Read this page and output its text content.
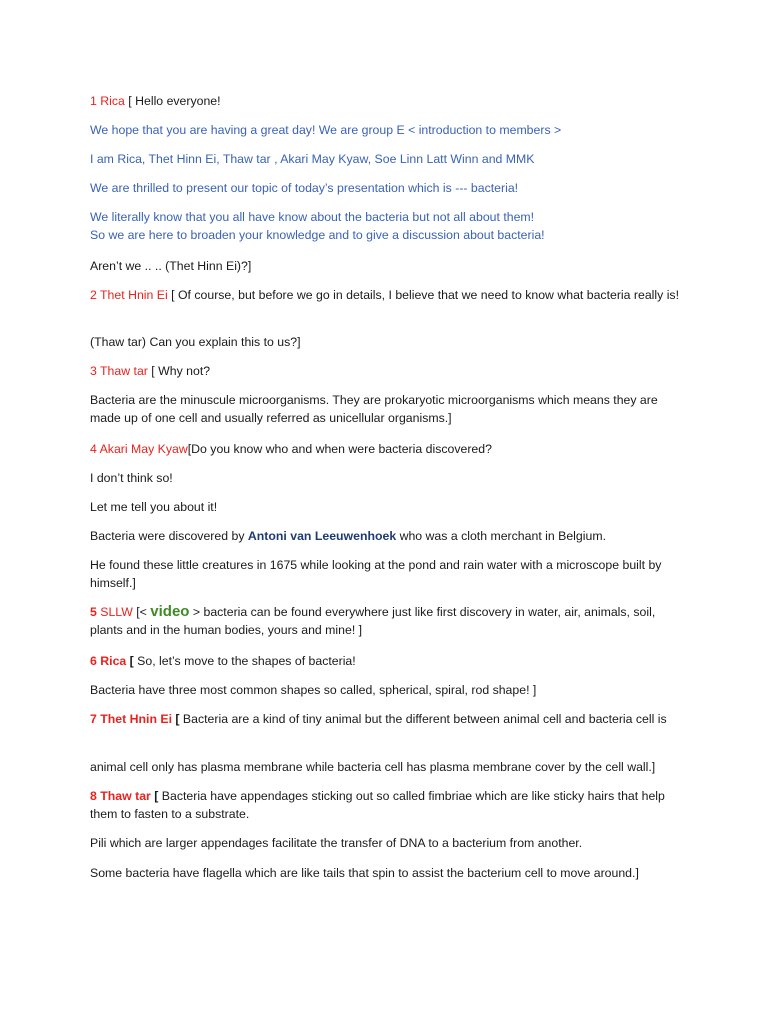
1 Rica [ Hello everyone!

We hope that you are having a great day! We are group E < introduction to members >

I am Rica, Thet Hinn Ei, Thaw tar , Akari May Kyaw, Soe Linn Latt Winn and MMK

We are thrilled to present our topic of today’s presentation which is --- bacteria!

We literally know that you all have know about the bacteria but not all about them!
So we are here to broaden your knowledge and to give a discussion about bacteria!

Aren’t we .. .. (Thet Hinn Ei)?]

2 Thet Hnin Ei [ Of course, but before we go in details, I believe that we need to know what bacteria really is!

(Thaw tar) Can you explain this to us?]

3 Thaw tar [ Why not?

Bacteria are the minuscule microorganisms. They are prokaryotic microorganisms which means they are made up of one cell and usually referred as unicellular organisms.]

4 Akari May Kyaw[Do you know who and when were bacteria discovered?

I don’t think so!

Let me tell you about it!

Bacteria were discovered by Antoni van Leeuwenhoek who was a cloth merchant in Belgium.

He found these little creatures in 1675 while looking at the pond and rain water with a microscope built by himself.]

5 SLLW [< video > bacteria can be found everywhere just like first discovery in water, air, animals, soil, plants and in the human bodies, yours and mine! ]

6 Rica [ So, let’s move to the shapes of bacteria!

Bacteria have three most common shapes so called, spherical, spiral, rod shape! ]

7 Thet Hnin Ei [ Bacteria are a kind of tiny animal but the different between animal cell and bacteria cell is

animal cell only has plasma membrane while bacteria cell has plasma membrane cover by the cell wall.]

8 Thaw tar [ Bacteria have appendages sticking out so called fimbriae which are like sticky hairs that help them to fasten to a substrate.

Pili which are larger appendages facilitate the transfer of DNA to a bacterium from another.

Some bacteria have flagella which are like tails that spin to assist the bacterium cell to move around.]
